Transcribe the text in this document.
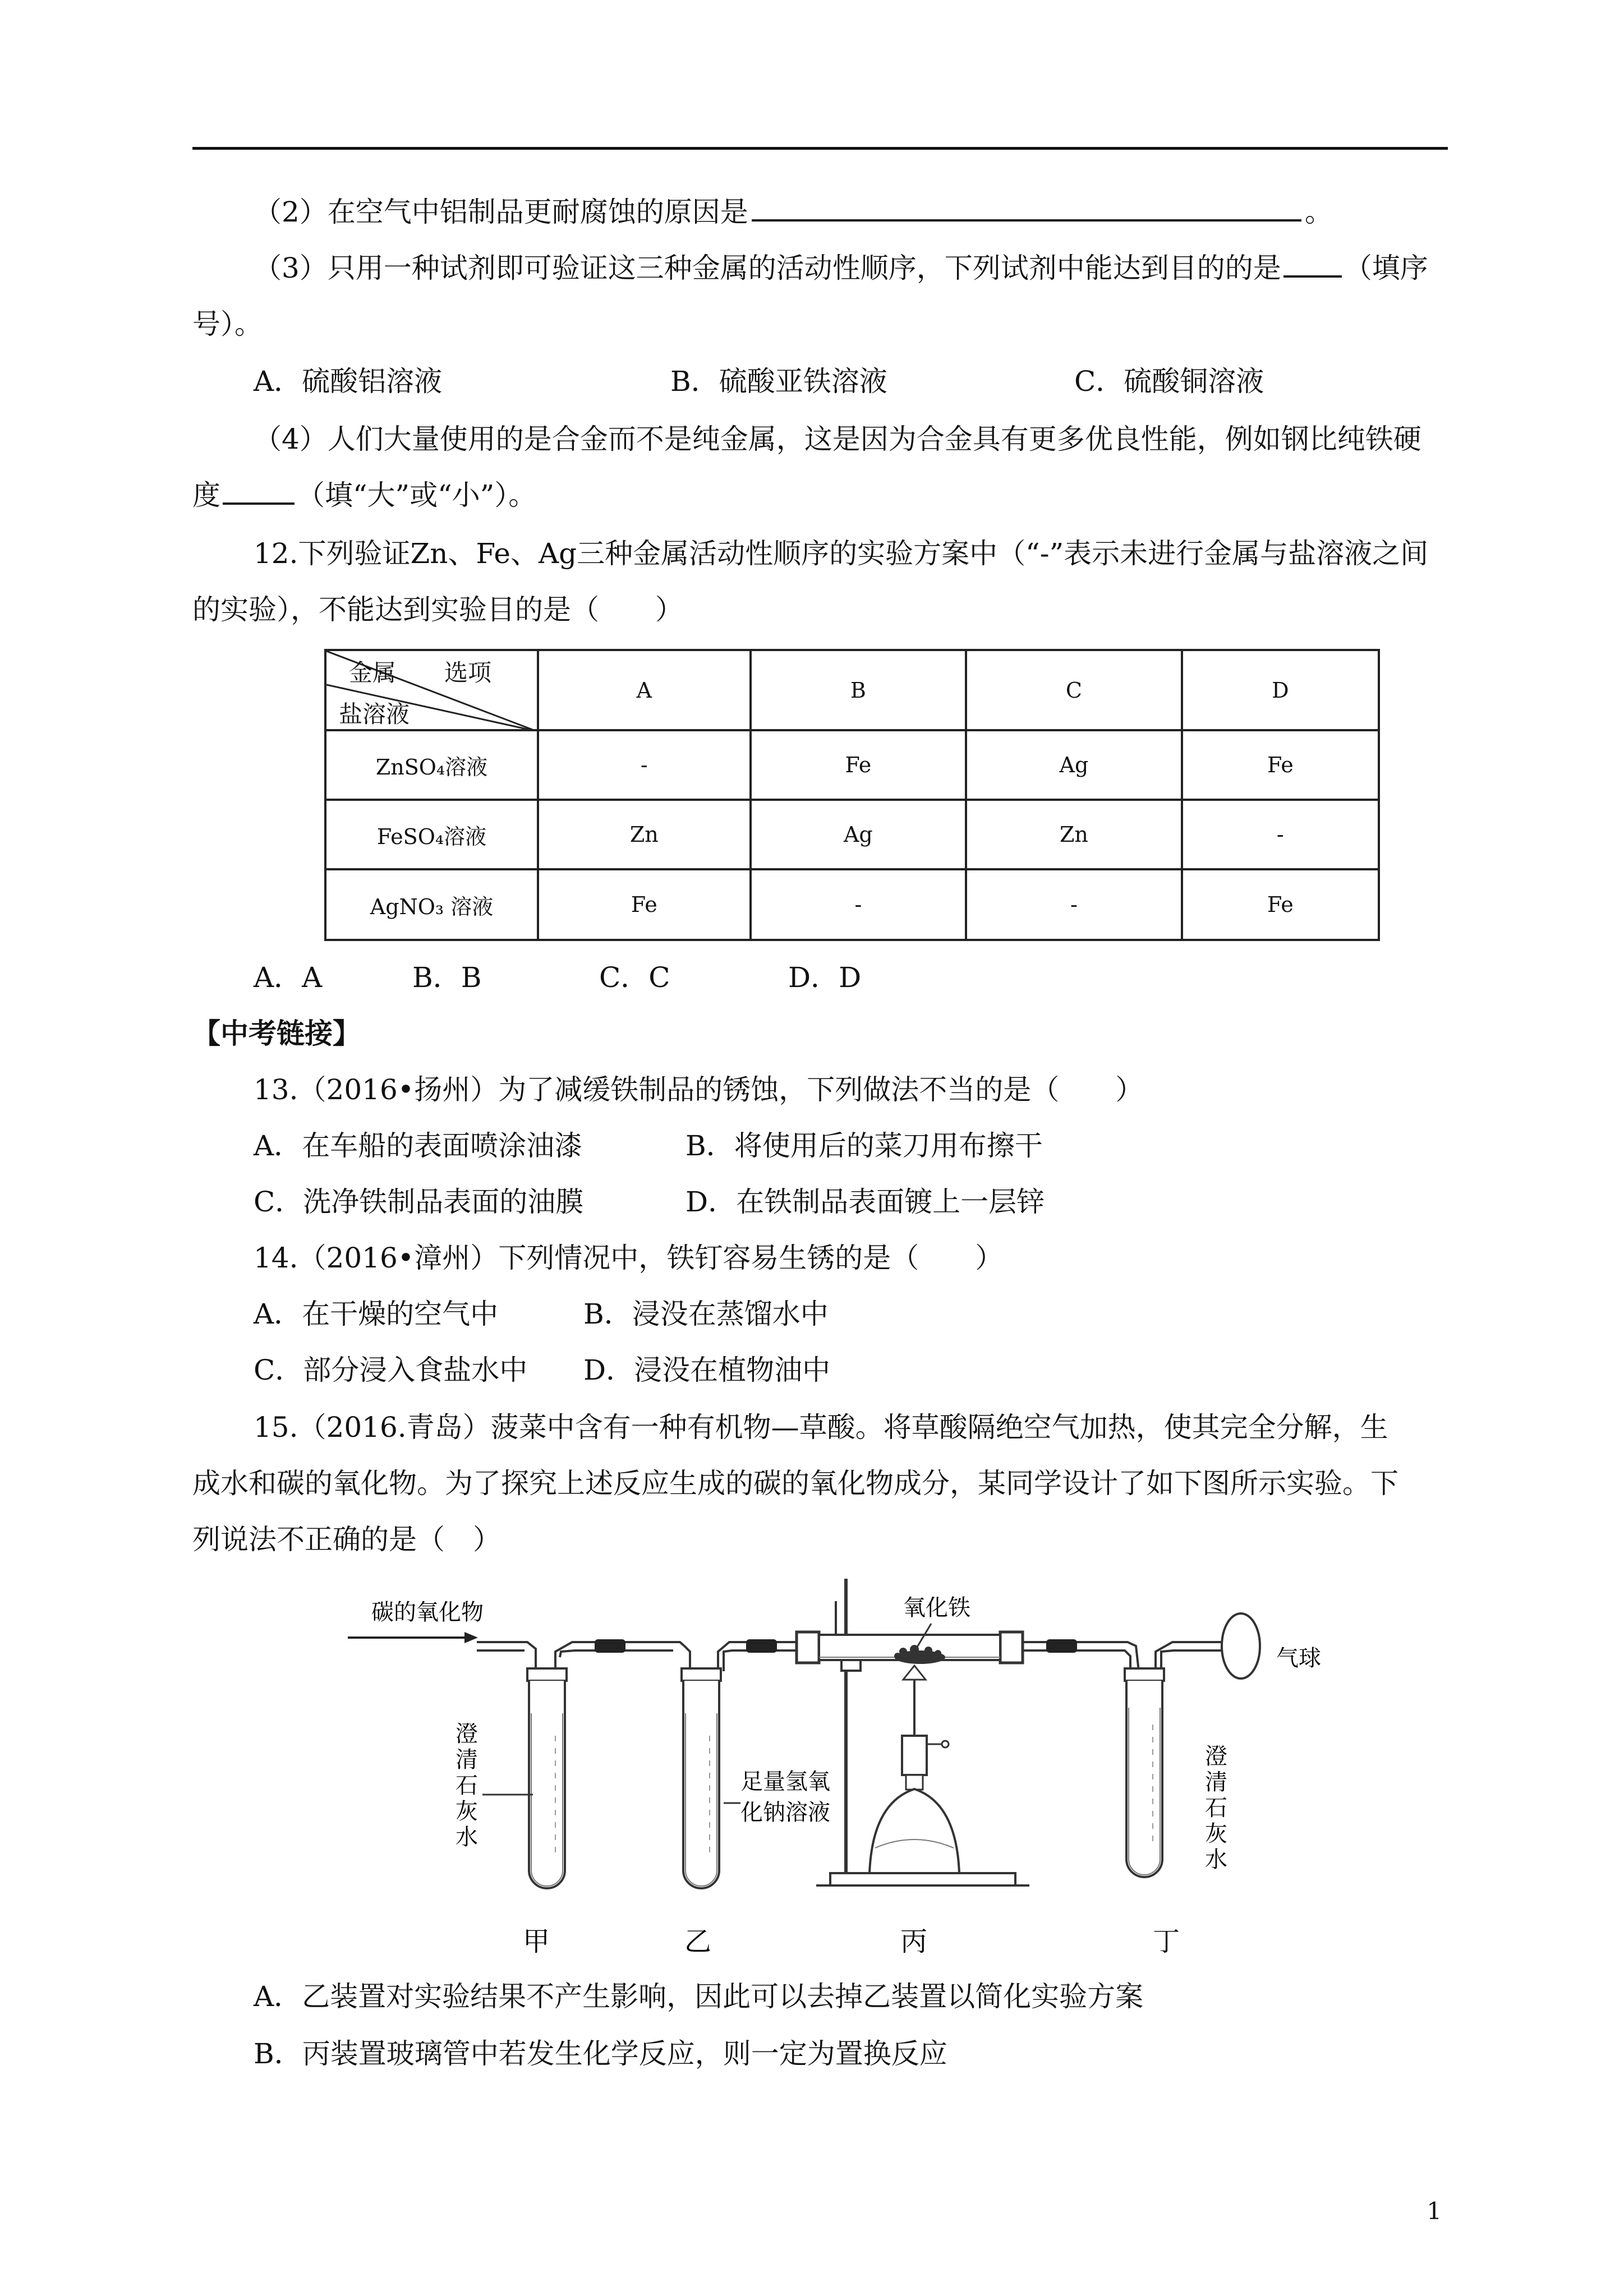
（2）在空气中铝制品更耐腐蚀的原因是	。
（3）只用一种试剂即可验证这三种金属的活动性顺序，下列试剂中能达到目的的是 （填序
号）。
A．硫酸铝溶液	B．硫酸亚铁溶液	C．硫酸铜溶液
（4）人们大量使用的是合金而不是纯金属，这是因为合金具有更多优良性能，例如钢比纯铁硬
度	（填“大”或“小”）。
12.下列验证Zn、Fe、Ag三种金属活动性顺序的实验方案中（“-”表示未进行金属与盐溶液之间
的实验），不能达到实验目的是（　　）
金属 选项
盐溶液	A	B	C	D
ZnSO₄溶液	-	Fe	Ag	Fe
FeSO₄溶液	Zn	Ag	Zn	-
AgNO₃ 溶液	Fe	-	-	Fe
A．A	B．B	C．C	D．D
【中考链接】
13.（2016•扬州）为了减缓铁制品的锈蚀，下列做法不当的是（　　）
A．在车船的表面喷涂油漆	B．将使用后的菜刀用布擦干
C．洗净铁制品表面的油膜	D．在铁制品表面镀上一层锌
14.（2016•漳州）下列情况中，铁钉容易生锈的是（　　）
A．在干燥的空气中	B．浸没在蒸馏水中
C．部分浸入食盐水中 D．浸没在植物油中
15.（2016.青岛）菠菜中含有一种有机物—草酸。将草酸隔绝空气加热，使其完全分解，生
成水和碳的氧化物。为了探究上述反应生成的碳的氧化物成分，某同学设计了如下图所示实验。下
列说法不正确的是（　）
碳的氧化物
澄清石灰水
足量氢氧
化钠溶液
氧化铁
澄清石灰水
气球
甲	乙	丙	丁
A．乙装置对实验结果不产生影响，因此可以去掉乙装置以简化实验方案
B．丙装置玻璃管中若发生化学反应，则一定为置换反应
1
